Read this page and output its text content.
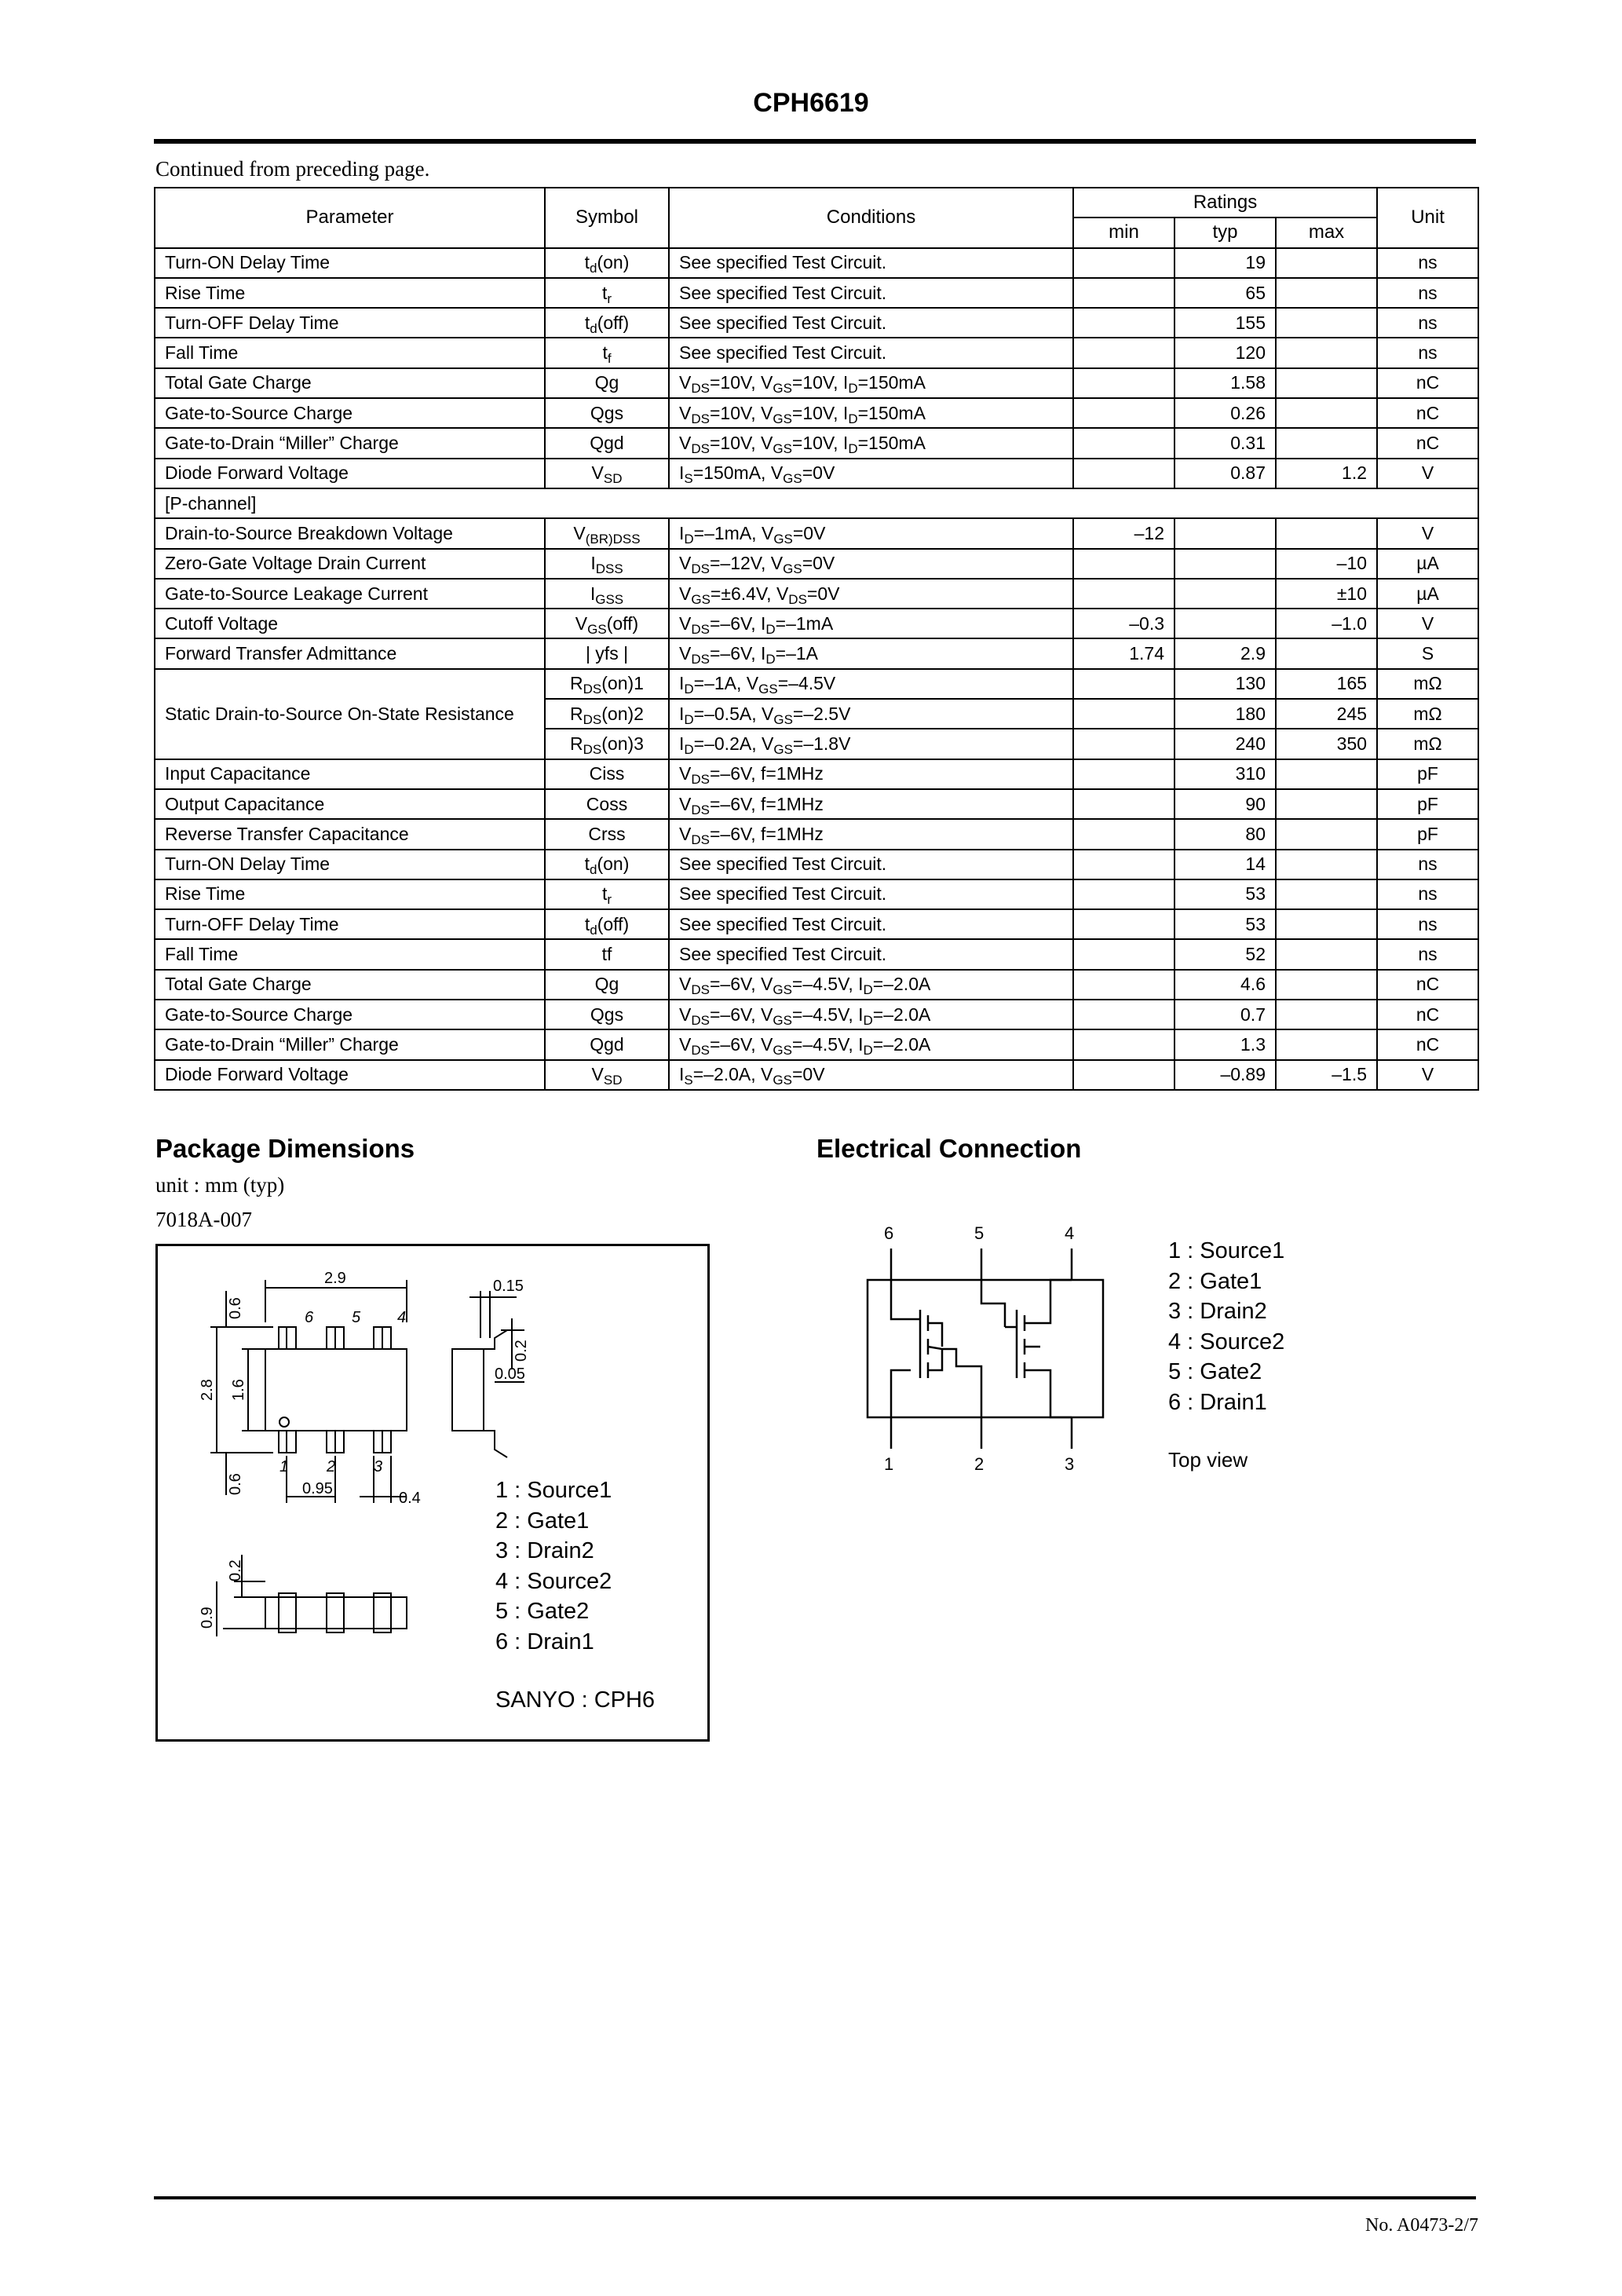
CPH6619
Continued from preceding page.
Parameter	Symbol	Conditions	Ratings			Unit
			min	typ	max	
Turn-ON Delay Time	$t_d(on)$	See specified Test Circuit.		19		ns
Rise Time	$t_r$	See specified Test Circuit.		65		ns
Turn-OFF Delay Time	$t_d(off)$	See specified Test Circuit.		155		ns
Fall Time	$t_f$	See specified Test Circuit.		120		ns
Total Gate Charge	Qg	$V_{DS}=10V$, $V_{GS}=10V$, $I_D=150mA$		1.58		nC
Gate-to-Source Charge	Qgs	$V_{DS}=10V$, $V_{GS}=10V$, $I_D=150mA$		0.26		nC
Gate-to-Drain “Miller” Charge	Qgd	$V_{DS}=10V$, $V_{GS}=10V$, $I_D=150mA$		0.31		nC
Diode Forward Voltage	$V_{SD}$	$I_S=150mA$, $V_{GS}=0V$		0.87	1.2	V
[P-channel]						
Drain-to-Source Breakdown Voltage	$V_{(BR)DSS}$	$I_D=-1mA$, $V_{GS}=0V$	–12			V
Zero-Gate Voltage Drain Current	$I_{DSS}$	$V_{DS}=-12V$, $V_{GS}=0V$			–10	µA
Gate-to-Source Leakage Current	$I_{GSS}$	$V_{GS}=\pm 6.4V$, $V_{DS}=0V$			±10	µA
Cutoff Voltage	$V_{GS}(off)$	$V_{DS}=-6V$, $I_D=-1mA$	–0.3		–1.0	V
Forward Transfer Admittance	| yfs |	$V_{DS}=-6V$, $I_D=-1A$	1.74	2.9		S
Static Drain-to-Source On-State Resistance	$R_{DS}(on)1$	$I_D=-1A$, $V_{GS}=-4.5V$		130	165	mΩ
	$R_{DS}(on)2$	$I_D=-0.5A$, $V_{GS}=-2.5V$		180	245	mΩ
	$R_{DS}(on)3$	$I_D=-0.2A$, $V_{GS}=-1.8V$		240	350	mΩ
Input Capacitance	Ciss	$V_{DS}=-6V$, f=1MHz		310		pF
Output Capacitance	Coss	$V_{DS}=-6V$, f=1MHz		90		pF
Reverse Transfer Capacitance	Crss	$V_{DS}=-6V$, f=1MHz		80		pF
Turn-ON Delay Time	$t_d(on)$	See specified Test Circuit.		14		ns
Rise Time	$t_r$	See specified Test Circuit.		53		ns
Turn-OFF Delay Time	$t_d(off)$	See specified Test Circuit.		53		ns
Fall Time	tf	See specified Test Circuit.		52		ns
Total Gate Charge	Qg	$V_{DS}=-6V$, $V_{GS}=-4.5V$, $I_D=-2.0A$		4.6		nC
Gate-to-Source Charge	Qgs	$V_{DS}=-6V$, $V_{GS}=-4.5V$, $I_D=-2.0A$		0.7		nC
Gate-to-Drain “Miller” Charge	Qgd	$V_{DS}=-6V$, $V_{GS}=-4.5V$, $I_D=-2.0A$		1.3		nC
Diode Forward Voltage	$V_{SD}$	$I_S=-2.0A$, $V_{GS}=0V$		–0.89	–1.5	V
Package Dimensions
unit : mm (typ)
7018A-007
2.9
6 5 4
1 2 3
0.95
0.4
0.15
0.05
2.8 1.6
0.6
0.6
0.2
0.2
0.9
1 : Source1
2 : Gate1
3 : Drain2
4 : Source2
5 : Gate2
6 : Drain1
SANYO : CPH6
Electrical Connection
6	5	4
1	2	3
1 : Source1
2 : Gate1
3 : Drain2
4 : Source2
5 : Gate2
6 : Drain1
Top view
No. A0473-2/7
